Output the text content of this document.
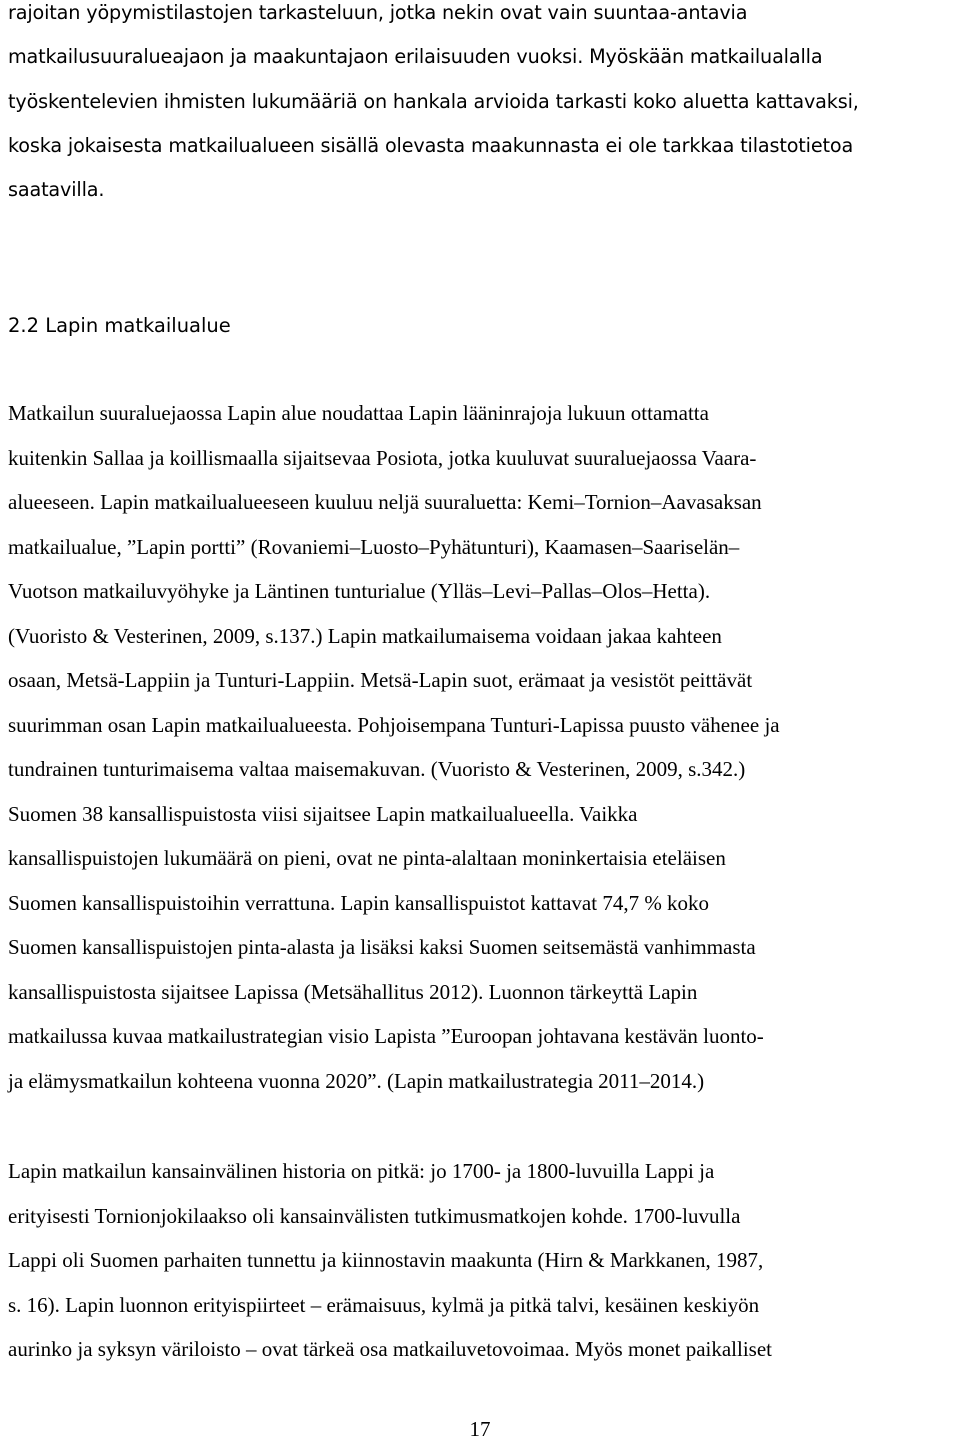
rajoitan yöpymistilastojen tarkasteluun, jotka nekin ovat vain suuntaa-antavia
matkailusuuralueajaon ja maakuntajaon erilaisuuden vuoksi. Myöskään matkailualalla
työskentelevien ihmisten lukumääriä on hankala arvioida tarkasti koko aluetta kattavaksi,
koska jokaisesta matkailualueen sisällä olevasta maakunnasta ei ole tarkkaa tilastotietoa
saatavilla.
2.2 Lapin matkailualue
Matkailun suuraluejaossa Lapin alue noudattaa Lapin lääninrajoja lukuun ottamatta
kuitenkin Sallaa ja koillismaalla sijaitsevaa Posiota, jotka kuuluvat suuraluejaossa Vaara-
alueeseen. Lapin matkailualueeseen kuuluu neljä suuraluetta: Kemi–Tornion–Aavasaksan
matkailualue, ”Lapin portti” (Rovaniemi–Luosto–Pyhätunturi), Kaamasen–Saariselän–
Vuotson matkailuvyöhyke ja Läntinen tunturialue (Ylläs–Levi–Pallas–Olos–Hetta).
(Vuoristo & Vesterinen, 2009, s.137.) Lapin matkailumaisema voidaan jakaa kahteen
osaan, Metsä-Lappiin ja Tunturi-Lappiin. Metsä-Lapin suot, erämaat ja vesistöt peittävät
suurimman osan Lapin matkailualueesta. Pohjoisempana Tunturi-Lapissa puusto vähenee ja
tundrainen tunturimaisema valtaa maisemakuvan. (Vuoristo & Vesterinen, 2009, s.342.)
Suomen 38 kansallispuistosta viisi sijaitsee Lapin matkailualueella. Vaikka
kansallispuistojen lukumäärä on pieni, ovat ne pinta-alaltaan moninkertaisia eteläisen
Suomen kansallispuistoihin verrattuna. Lapin kansallispuistot kattavat 74,7 % koko
Suomen kansallispuistojen pinta-alasta ja lisäksi kaksi Suomen seitsemästä vanhimmasta
kansallispuistosta sijaitsee Lapissa (Metsähallitus 2012). Luonnon tärkeyttä Lapin
matkailussa kuvaa matkailustrategian visio Lapista ”Euroopan johtavana kestävän luonto-
ja elämysmatkailun kohteena vuonna 2020”. (Lapin matkailustrategia 2011–2014.)
Lapin matkailun kansainvälinen historia on pitkä: jo 1700- ja 1800-luvuilla Lappi ja
erityisesti Tornionjokilaakso oli kansainvälisten tutkimusmatkojen kohde. 1700-luvulla
Lappi oli Suomen parhaiten tunnettu ja kiinnostavin maakunta (Hirn & Markkanen, 1987,
s. 16). Lapin luonnon erityispiirteet – erämaisuus, kylmä ja pitkä talvi, kesäinen keskiyön
aurinko ja syksyn väriloisto – ovat tärkeä osa matkailuvetovoimaa. Myös monet paikalliset
17
